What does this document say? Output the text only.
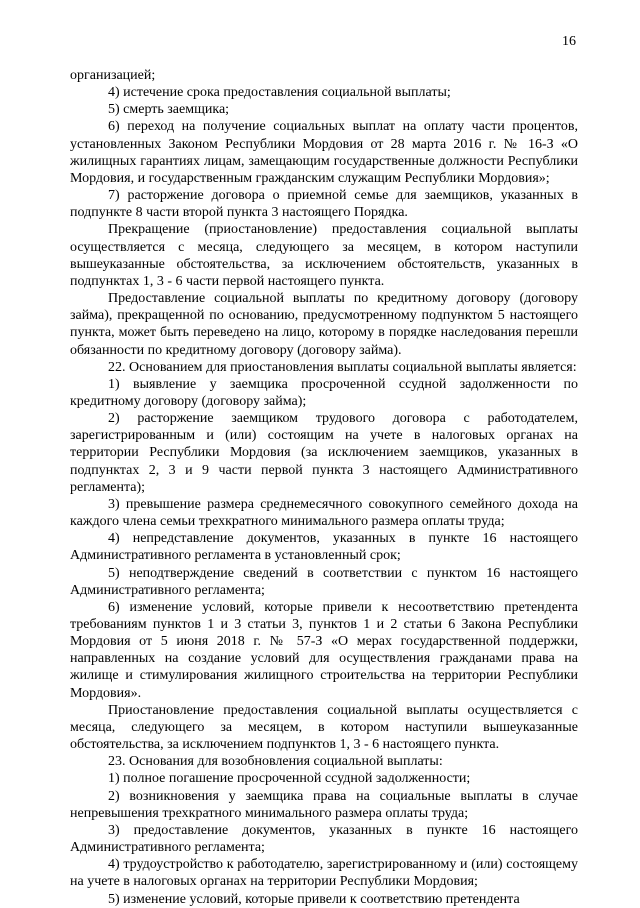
16

организацией;

4) истечение срока предоставления социальной выплаты;

5) смерть заемщика;

6) переход на получение социальных выплат на оплату части процентов, установленных Законом Республики Мордовия от 28 марта 2016 г. № 16-З «О жилищных гарантиях лицам, замещающим государственные должности Республики Мордовия, и государственным гражданским служащим Республики Мордовия»;

7) расторжение договора о приемной семье для заемщиков, указанных в подпункте 8 части второй пункта 3 настоящего Порядка.

Прекращение (приостановление) предоставления социальной выплаты осуществляется с месяца, следующего за месяцем, в котором наступили вышеуказанные обстоятельства, за исключением обстоятельств, указанных в подпунктах 1, 3 - 6 части первой настоящего пункта.

Предоставление социальной выплаты по кредитному договору (договору займа), прекращенной по основанию, предусмотренному подпунктом 5 настоящего пункта, может быть переведено на лицо, которому в порядке наследования перешли обязанности по кредитному договору (договору займа).

22. Основанием для приостановления выплаты социальной выплаты является:

1) выявление у заемщика просроченной ссудной задолженности по кредитному договору (договору займа);

2) расторжение заемщиком трудового договора с работодателем, зарегистрированным и (или) состоящим на учете в налоговых органах на территории Республики Мордовия (за исключением заемщиков, указанных в подпунктах 2, 3 и 9 части первой пункта 3 настоящего Административного регламента);

3) превышение размера среднемесячного совокупного семейного дохода на каждого члена семьи трехкратного минимального размера оплаты труда;

4) непредставление документов, указанных в пункте 16 настоящего Административного регламента в установленный срок;

5) неподтверждение сведений в соответствии с пунктом 16 настоящего Административного регламента;

6) изменение условий, которые привели к несоответствию претендента требованиям пунктов 1 и 3 статьи 3, пунктов 1 и 2 статьи 6 Закона Республики Мордовия от 5 июня 2018 г. № 57-З «О мерах государственной поддержки, направленных на создание условий для осуществления гражданами права на жилище и стимулирования жилищного строительства на территории Республики Мордовия».

Приостановление предоставления социальной выплаты осуществляется с месяца, следующего за месяцем, в котором наступили вышеуказанные обстоятельства, за исключением подпунктов 1, 3 - 6 настоящего пункта.

23. Основания для возобновления социальной выплаты:

1) полное погашение просроченной ссудной задолженности;

2) возникновения у заемщика права на социальные выплаты в случае непревышения трехкратного минимального размера оплаты труда;

3) предоставление документов, указанных в пункте 16 настоящего Административного регламента;

4) трудоустройство к работодателю, зарегистрированному и (или) состоящему на учете в налоговых органах на территории Республики Мордовия;

5) изменение условий, которые привели к соответствию претендента
